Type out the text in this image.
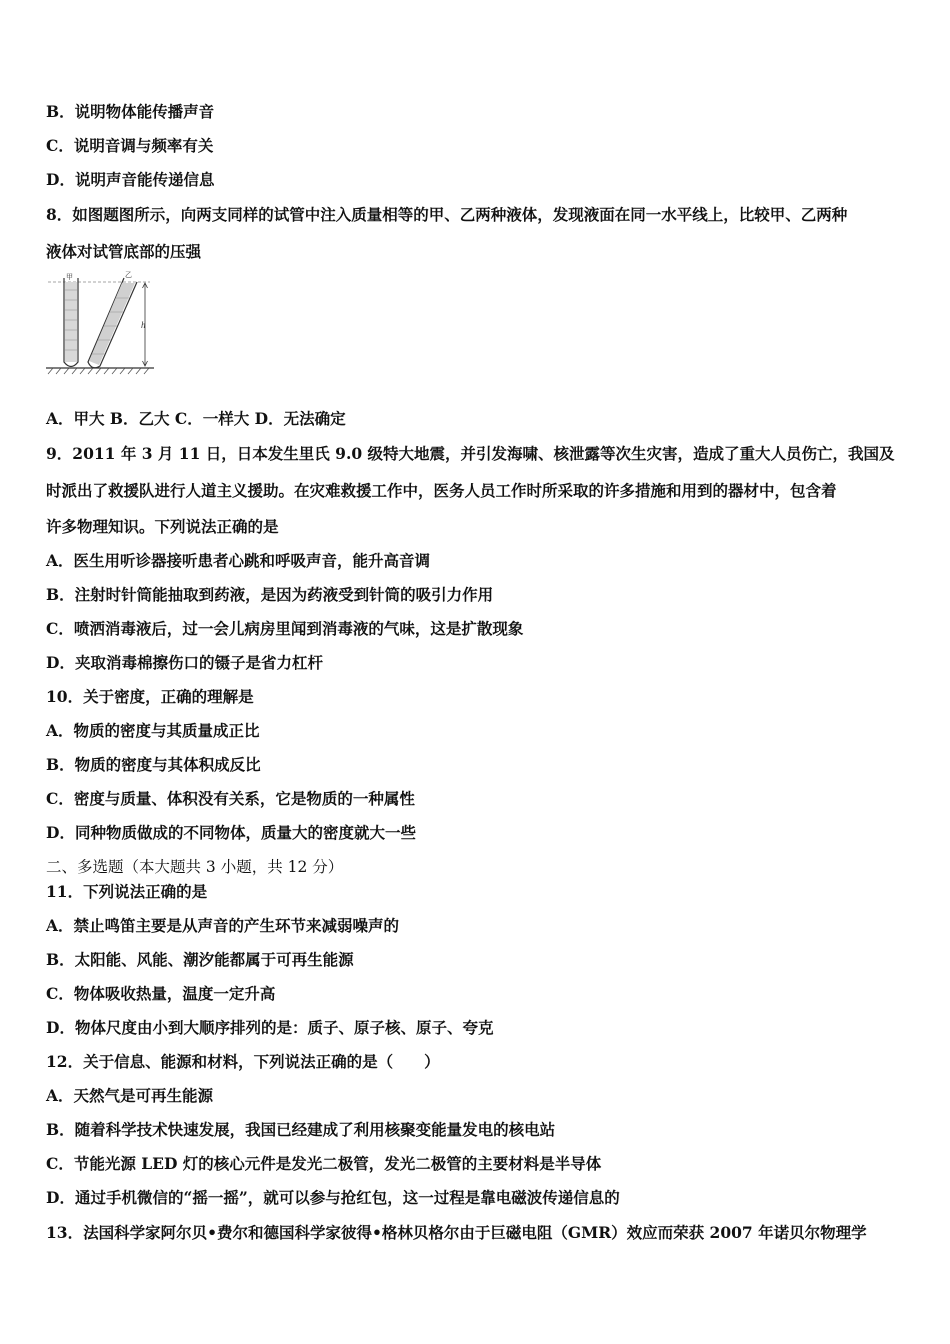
B．说明物体能传播声音
C．说明音调与频率有关
D．说明声音能传递信息
8．如图题图所示，向两支同样的试管中注入质量相等的甲、乙两种液体，发现液面在同一水平线上，比较甲、乙两种
液体对试管底部的压强
h
甲	乙
A．甲大 B．乙大 C．一样大 D．无法确定
9．2011 年 3 月 11 日，日本发生里氏 9.0 级特大地震，并引发海啸、核泄露等次生灾害，造成了重大人员伤亡，我国及
时派出了救援队进行人道主义援助。在灾难救援工作中，医务人员工作时所采取的许多措施和用到的器材中，包含着
许多物理知识。下列说法正确的是
A．医生用听诊器接听患者心跳和呼吸声音，能升高音调
B．注射时针筒能抽取到药液，是因为药液受到针筒的吸引力作用
C．喷洒消毒液后，过一会儿病房里闻到消毒液的气味，这是扩散现象
D．夹取消毒棉擦伤口的镊子是省力杠杆
10．关于密度，正确的理解是
A．物质的密度与其质量成正比
B．物质的密度与其体积成反比
C．密度与质量、体积没有关系，它是物质的一种属性
D．同种物质做成的不同物体，质量大的密度就大一些
二、多选题（本大题共 3 小题，共 12 分）
11．下列说法正确的是
A．禁止鸣笛主要是从声音的产生环节来减弱噪声的
B．太阳能、风能、潮汐能都属于可再生能源
C．物体吸收热量，温度一定升高
D．物体尺度由小到大顺序排列的是：质子、原子核、原子、夸克
12．关于信息、能源和材料，下列说法正确的是（　　）
A．天然气是可再生能源
B．随着科学技术快速发展，我国已经建成了利用核聚变能量发电的核电站
C．节能光源 LED 灯的核心元件是发光二极管，发光二极管的主要材料是半导体
D．通过手机微信的“摇一摇”，就可以参与抢红包，这一过程是靠电磁波传递信息的
13．法国科学家阿尔贝•费尔和德国科学家彼得•格林贝格尔由于巨磁电阻（GMR）效应而荣获 2007 年诺贝尔物理学
